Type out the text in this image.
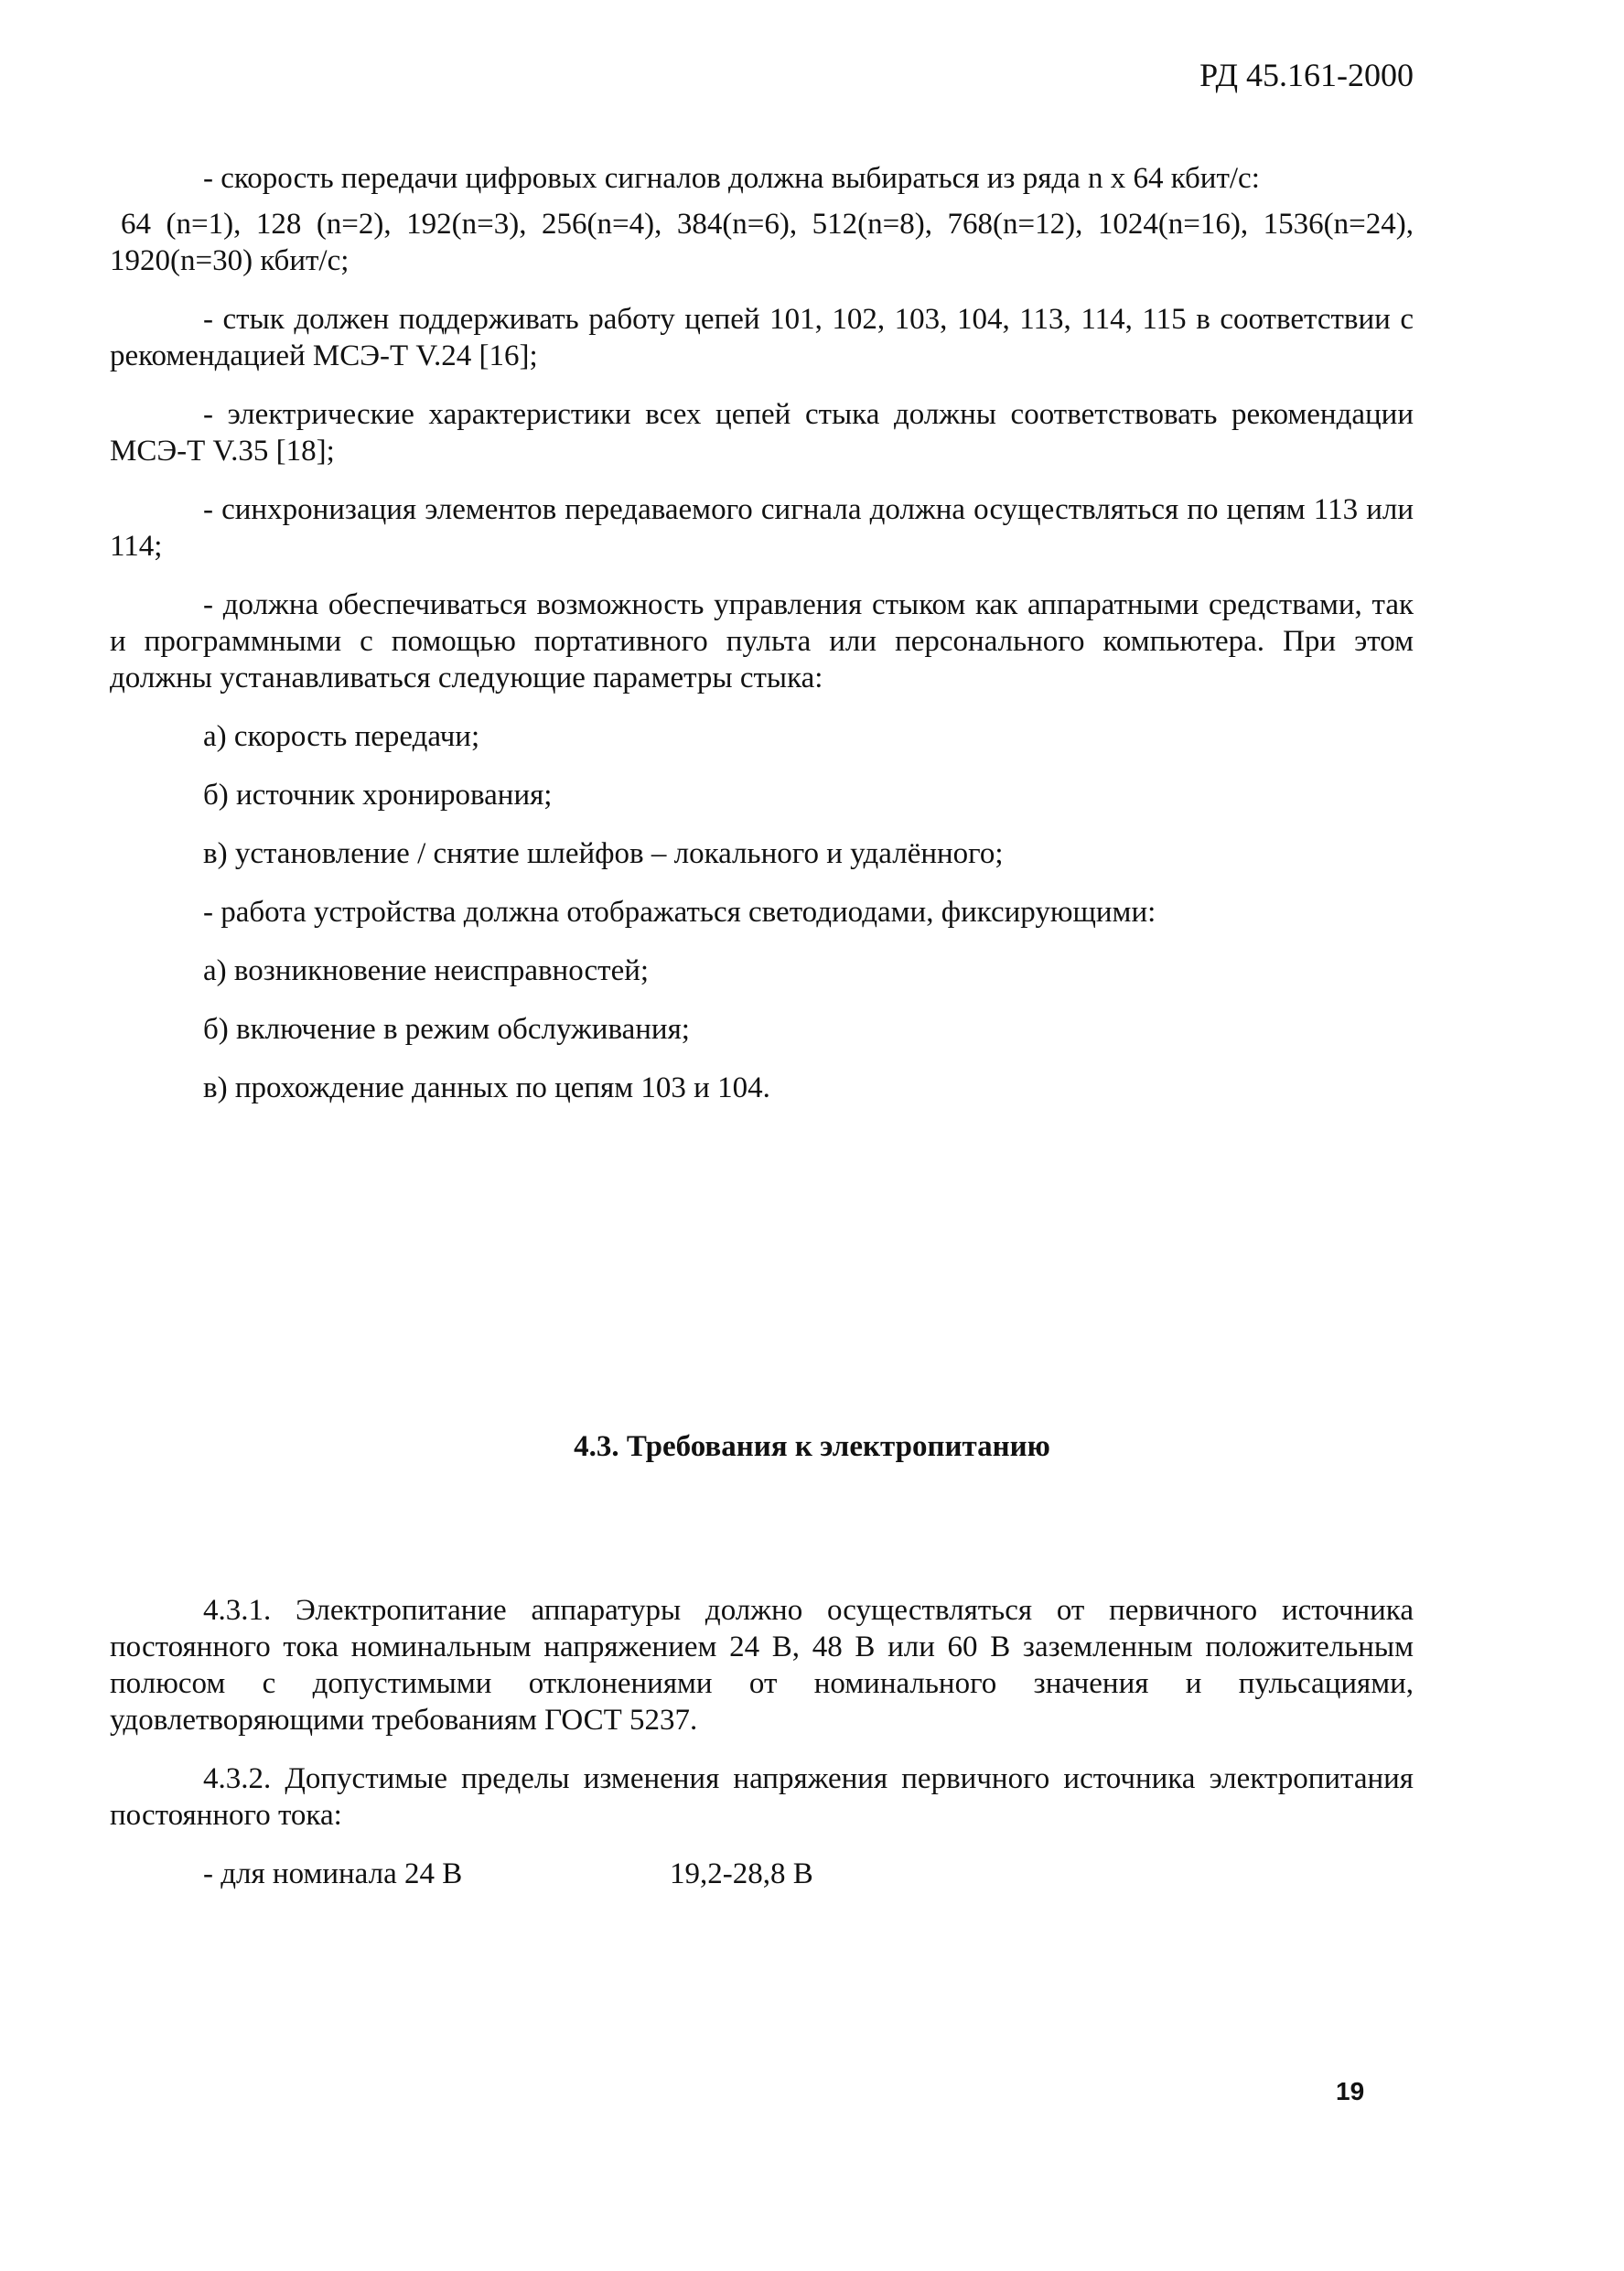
РД 45.161-2000

- скорость передачи цифровых сигналов должна выбираться из ряда n x 64 кбит/с:

64 (n=1), 128 (n=2), 192(n=3), 256(n=4), 384(n=6), 512(n=8), 768(n=12), 1024(n=16), 1536(n=24), 1920(n=30) кбит/с;

- стык должен поддерживать работу цепей 101, 102, 103, 104, 113, 114, 115 в соответствии с рекомендацией МСЭ-Т V.24 [16];

- электрические характеристики всех цепей стыка должны соответствовать рекомендации МСЭ-Т V.35 [18];

- синхронизация элементов передаваемого сигнала должна осуществляться по цепям 113 или 114;

- должна обеспечиваться возможность управления стыком как аппаратными средствами, так и программными с помощью портативного пульта или персонального компьютера. При этом должны устанавливаться следующие параметры стыка:

а) скорость передачи;

б) источник хронирования;

в) установление / снятие шлейфов – локального и удалённого;

- работа устройства должна отображаться светодиодами, фиксирующими:

а) возникновение неисправностей;

б) включение в режим обслуживания;

в) прохождение данных по цепям 103 и 104.

4.3. Требования к электропитанию

4.3.1. Электропитание аппаратуры должно осуществляться от первичного источника постоянного тока номинальным напряжением 24 В, 48 В или 60 В заземленным положительным полюсом с допустимыми отклонениями от номинального значения и пульсациями, удовлетворяющими требованиям ГОСТ 5237.

4.3.2. Допустимые пределы изменения напряжения первичного источника электропитания постоянного тока:

- для номинала 24 В	19,2-28,8 В
19
